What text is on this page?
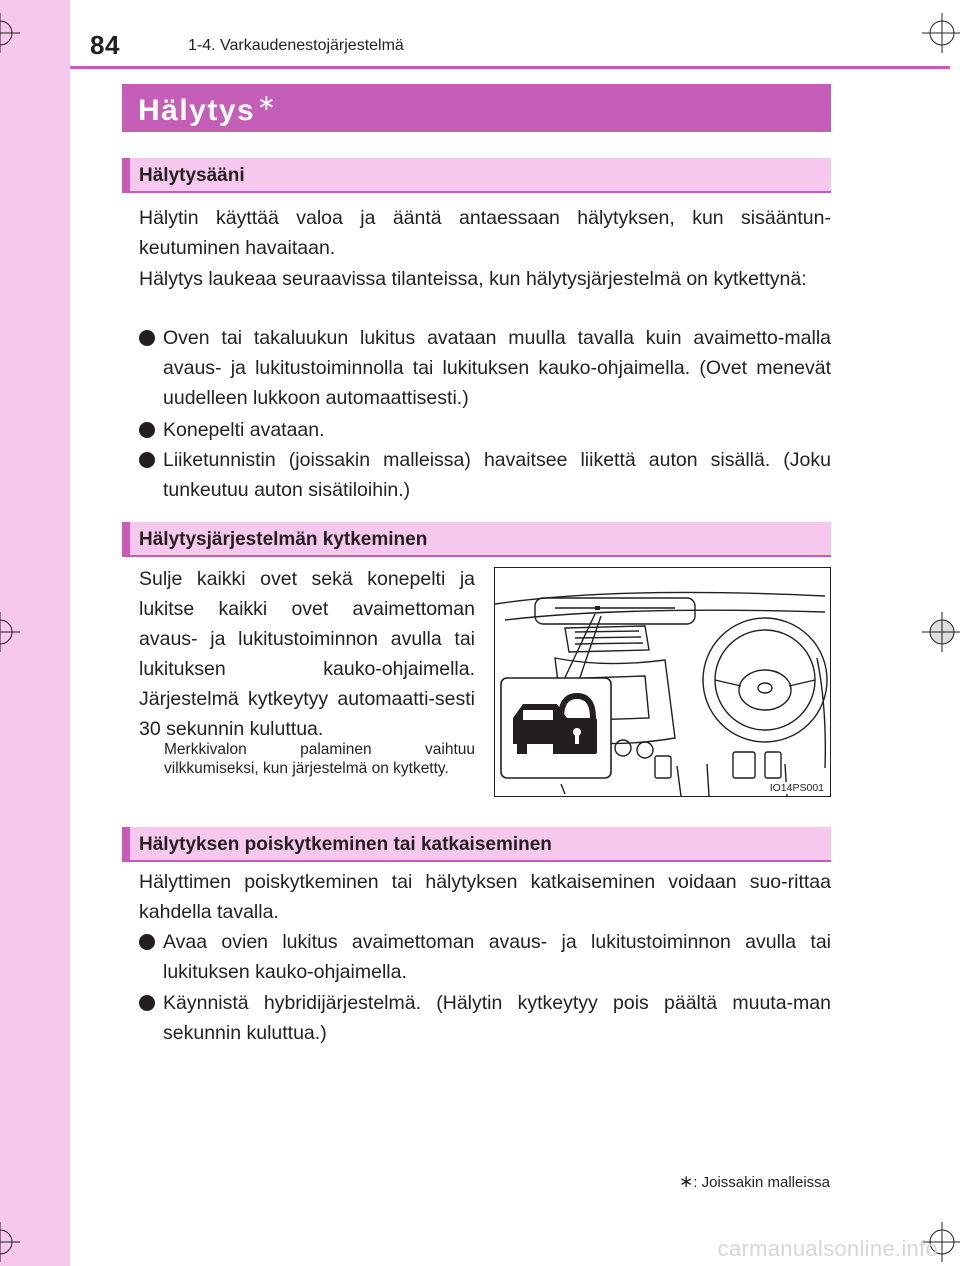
84	1-4. Varkaudenestojärjestelmä
Hälytys∗
Hälytysääni

Hälytin käyttää valoa ja ääntä antaessaan hälytyksen, kun sisääntun-keutuminen havaitaan.

Hälytys laukeaa seuraavissa tilanteissa, kun hälytysjärjestelmä on kytkettynä:

Oven tai takaluukun lukitus avataan muulla tavalla kuin avaimetto-malla avaus- ja lukitustoiminnolla tai lukituksen kauko-ohjaimella. (Ovet menevät uudelleen lukkoon automaattisesti.)
Konepelti avataan.
Liiketunnistin (joissakin malleissa) havaitsee liikettä auton sisällä. (Joku tunkeutuu auton sisätiloihin.)
Hälytysjärjestelmän kytkeminen

Sulje kaikki ovet sekä konepelti ja lukitse kaikki ovet avaimettoman avaus- ja lukitustoiminnon avulla tai lukituksen kauko-ohjaimella. Järjestelmä kytkeytyy automaatti-sesti 30 sekunnin kuluttua.

Merkkivalon palaminen vaihtuu vilkkumiseksi, kun järjestelmä on kytketty.
IO14PS001
Hälytyksen poiskytkeminen tai katkaiseminen

Hälyttimen poiskytkeminen tai hälytyksen katkaiseminen voidaan suo-rittaa kahdella tavalla.

Avaa ovien lukitus avaimettoman avaus- ja lukitustoiminnon avulla tai lukituksen kauko-ohjaimella.
Käynnistä hybridijärjestelmä. (Hälytin kytkeytyy pois päältä muuta-man sekunnin kuluttua.)
∗: Joissakin malleissa
carmanualsonline.info
